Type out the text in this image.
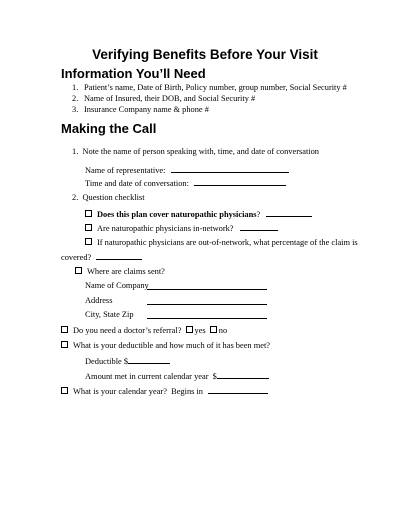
Verifying Benefits Before Your Visit
Information You’ll Need
1. Patient’s name, Date of Birth, Policy number, group number, Social Security #
2. Name of Insured, their DOB, and Social Security #
3. Insurance Company name & phone #
Making the Call
1.  Note the name of person speaking with, time, and date of conversation
Name of representative:
Time and date of conversation:
2.  Question checklist
Does this plan cover naturopathic physicians?
Are naturopathic physicians in-network?
If naturopathic physicians are out-of-network, what percentage of the claim is
covered?
Where are claims sent?
Name of Company
Address
City, State Zip
Do you need a doctor’s referral? yes no
What is your deductible and how much of it has been met?
Deductible $
Amount met in current calendar year  $
What is your calendar year?  Begins in
